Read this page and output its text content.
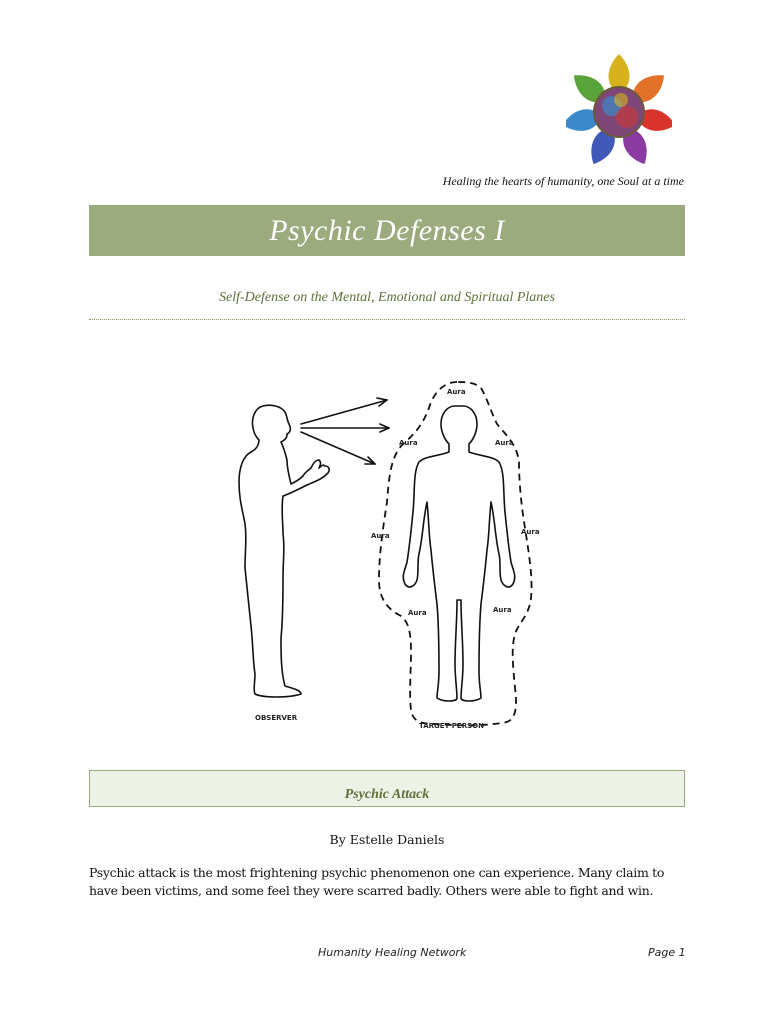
Healing the hearts of humanity, one Soul at a time
Psychic Defenses I
Self-Defense on the Mental, Emotional and Spiritual Planes
Aura
Aura	Aura
Aura	Aura
Aura	Aura
OBSERVER
TARGET PERSON
Psychic Attack
By Estelle Daniels
Psychic attack is the most frightening psychic phenomenon one can experience. Many claim to have been victims, and some feel they were scarred badly. Others were able to fight and win.
Humanity Healing Network	Page 1
